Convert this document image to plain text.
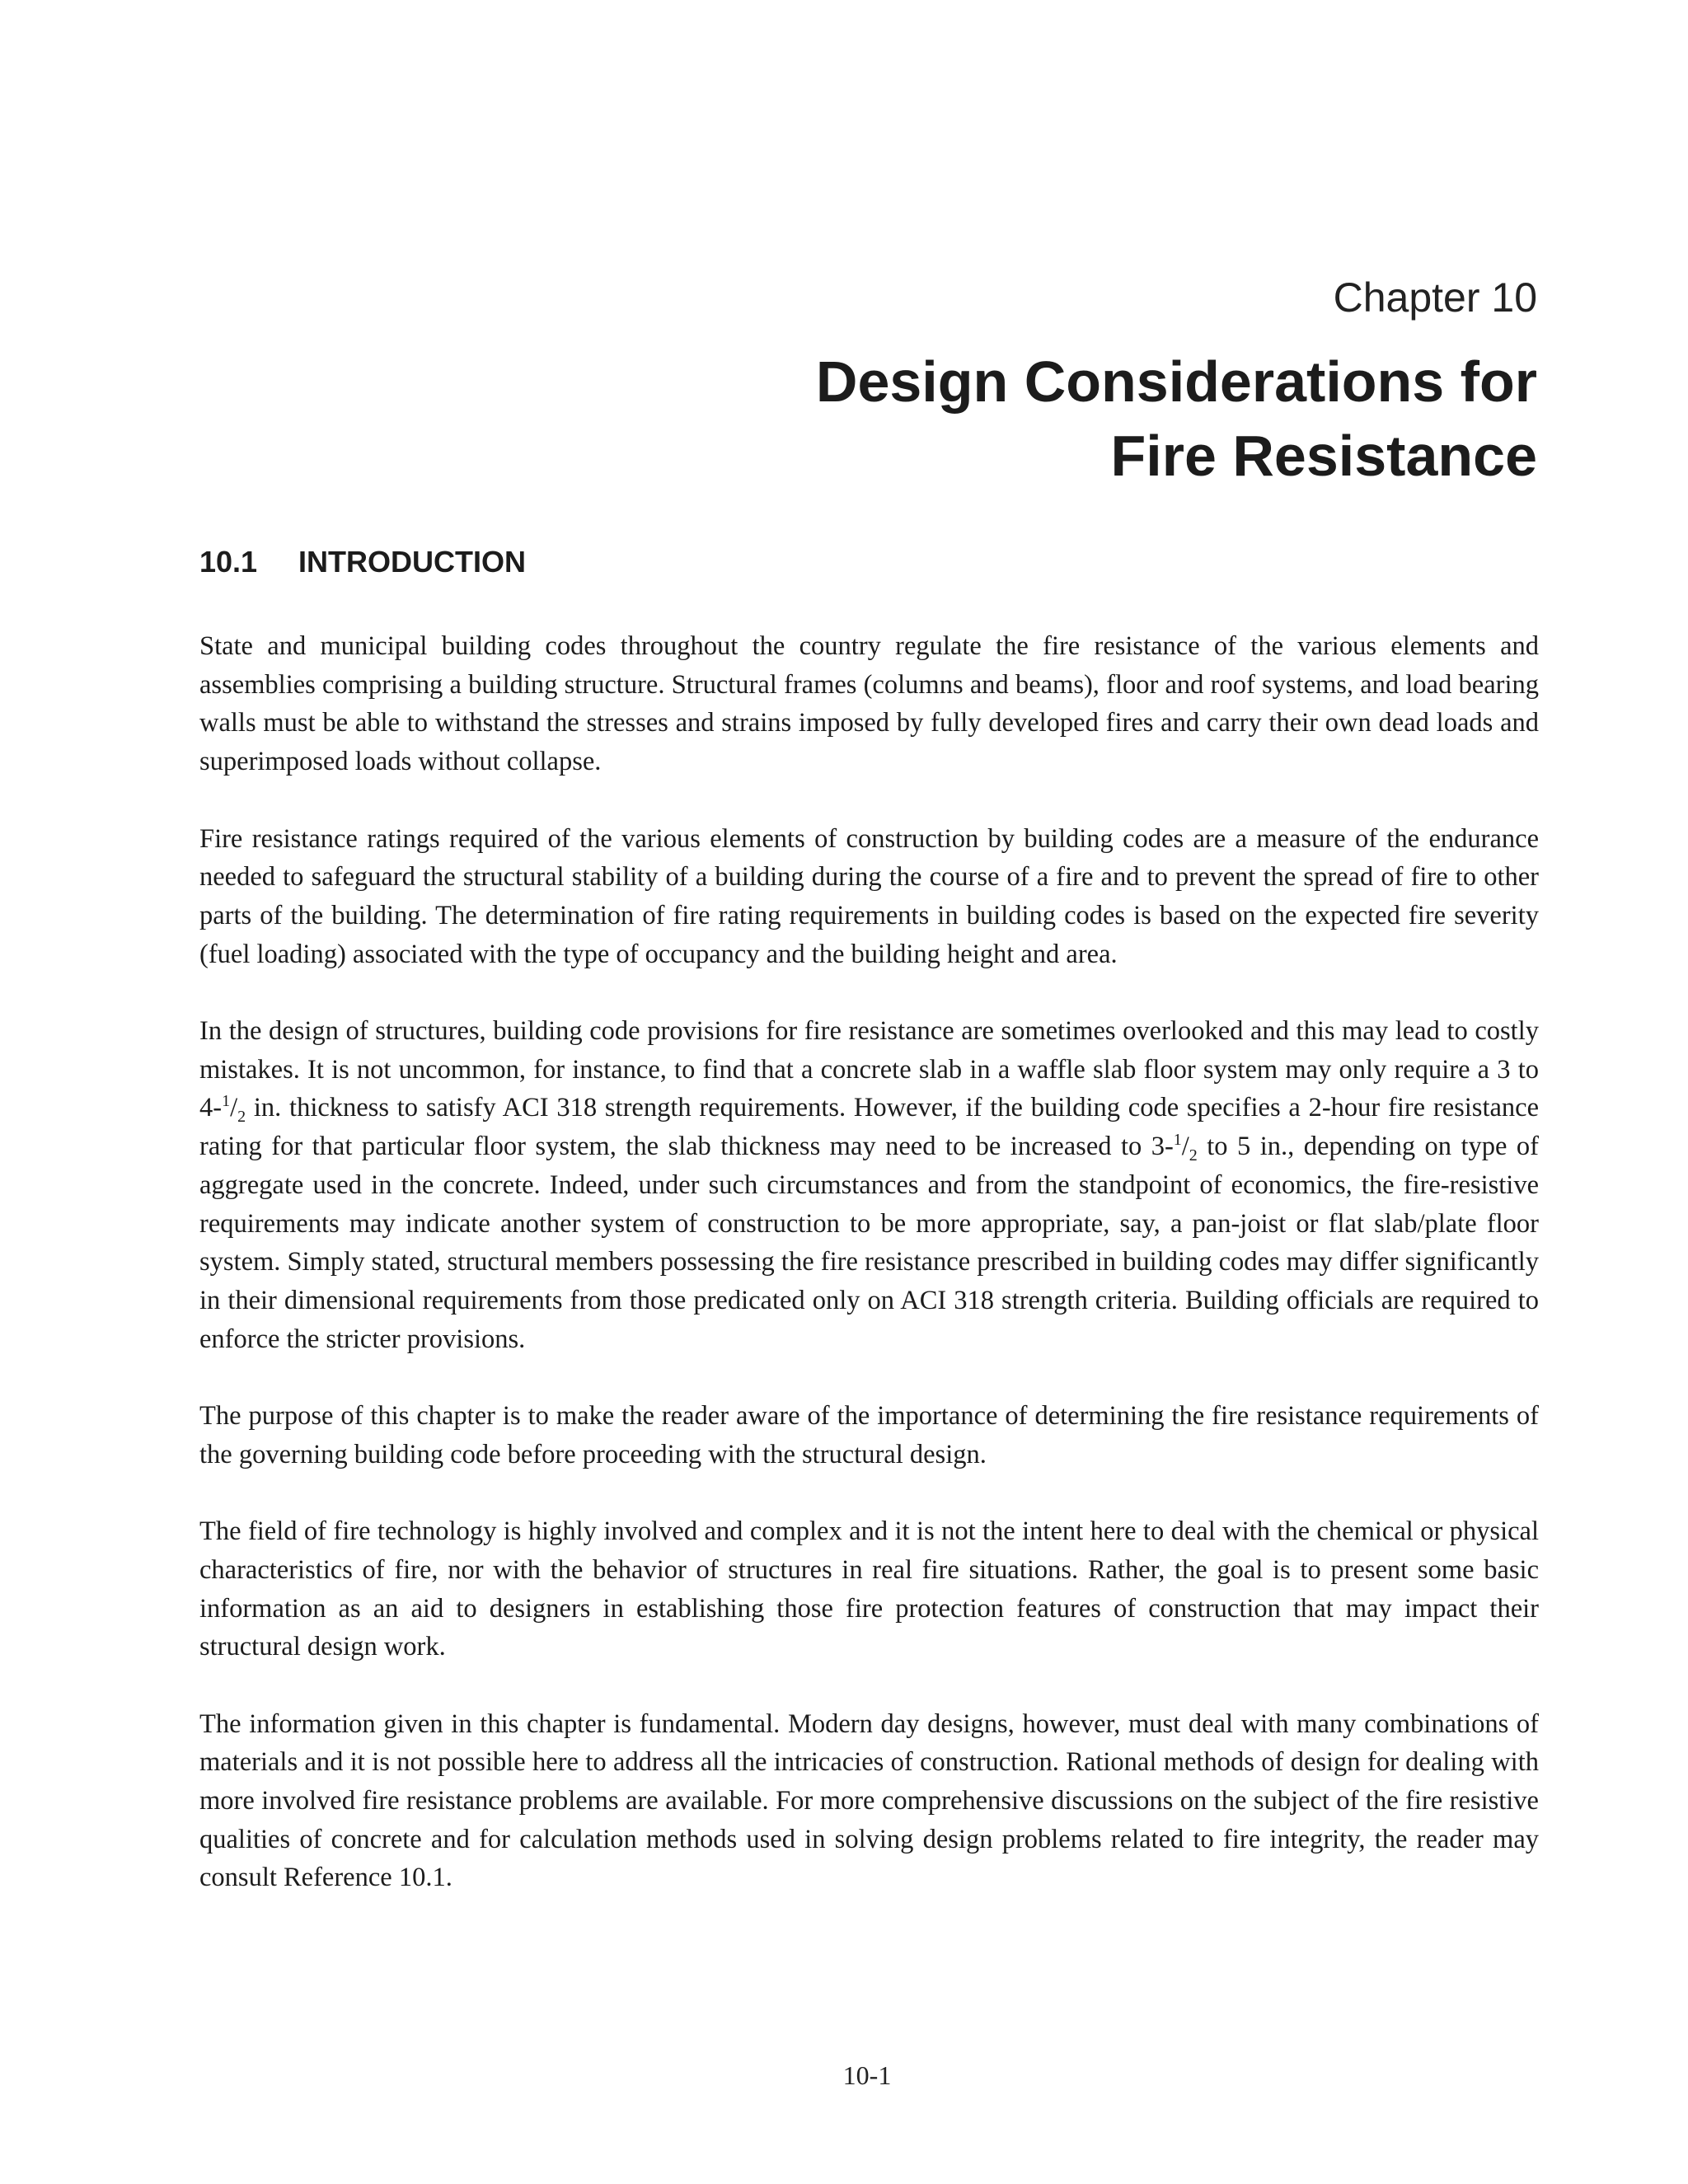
Chapter 10
Design Considerations for
Fire Resistance
10.1 INTRODUCTION

State and municipal building codes throughout the country regulate the fire resistance of the various elements and assemblies comprising a building structure. Structural frames (columns and beams), floor and roof systems, and load bearing walls must be able to withstand the stresses and strains imposed by fully developed fires and carry their own dead loads and superimposed loads without collapse.

Fire resistance ratings required of the various elements of construction by building codes are a measure of the endurance needed to safeguard the structural stability of a building during the course of a fire and to prevent the spread of fire to other parts of the building. The determination of fire rating requirements in building codes is based on the expected fire severity (fuel loading) associated with the type of occupancy and the building height and area.

In the design of structures, building code provisions for fire resistance are sometimes overlooked and this may lead to costly mistakes. It is not uncommon, for instance, to find that a concrete slab in a waffle slab floor system may only require a 3 to $4-^1/_2$ in. thickness to satisfy ACI 318 strength requirements. However, if the building code specifies a 2-hour fire resistance rating for that particular floor system, the slab thickness may need to be increased to $3-^1/_2$ to 5 in., depending on type of aggregate used in the concrete. Indeed, under such circumstances and from the standpoint of economics, the fire-resistive requirements may indicate another system of construction to be more appropriate, say, a pan-joist or flat slab/plate floor system. Simply stated, structural members possessing the fire resistance prescribed in building codes may differ significantly in their dimensional requirements from those predicated only on ACI 318 strength criteria. Building officials are required to enforce the stricter provisions.

The purpose of this chapter is to make the reader aware of the importance of determining the fire resistance requirements of the governing building code before proceeding with the structural design.

The field of fire technology is highly involved and complex and it is not the intent here to deal with the chemical or physical characteristics of fire, nor with the behavior of structures in real fire situations. Rather, the goal is to present some basic information as an aid to designers in establishing those fire protection features of construction that may impact their structural design work.

The information given in this chapter is fundamental. Modern day designs, however, must deal with many combinations of materials and it is not possible here to address all the intricacies of construction. Rational methods of design for dealing with more involved fire resistance problems are available. For more comprehensive discussions on the subject of the fire resistive qualities of concrete and for calculation methods used in solving design problems related to fire integrity, the reader may consult Reference 10.1.

10-1
